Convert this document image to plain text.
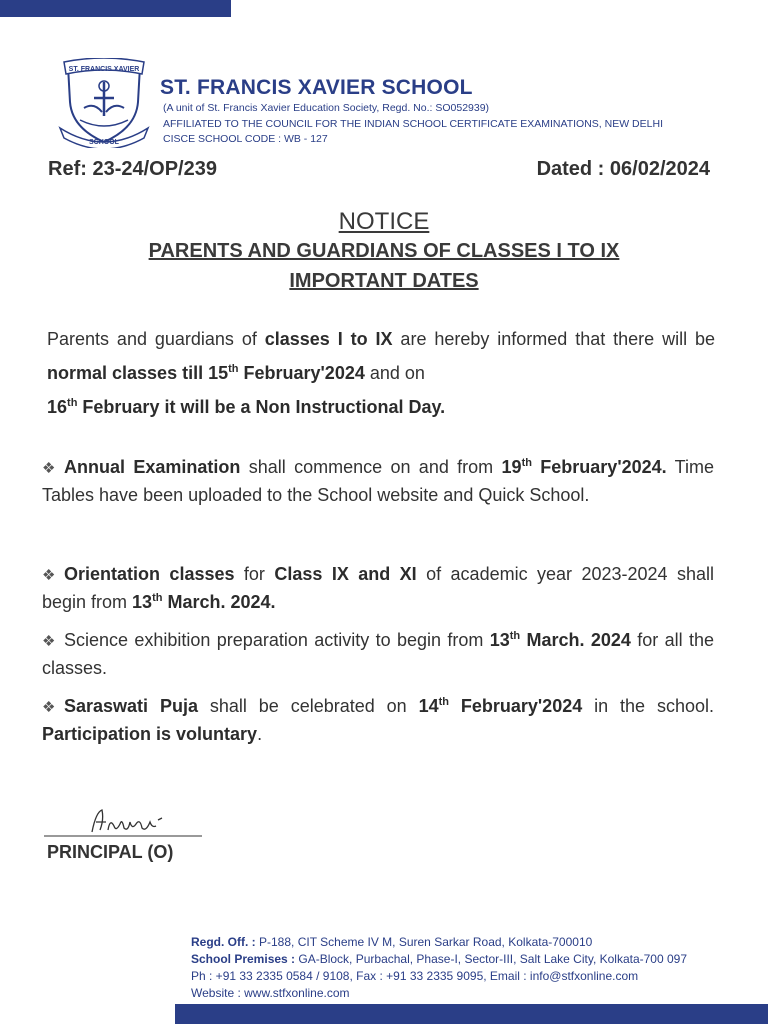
ST. FRANCIS XAVIER
SCHOOL
ST. FRANCIS XAVIER SCHOOL
(A unit of St. Francis Xavier Education Society, Regd. No.: SO052939)
AFFILIATED TO THE COUNCIL FOR THE INDIAN SCHOOL CERTIFICATE EXAMINATIONS, NEW DELHI
CISCE SCHOOL CODE : WB - 127
Ref: 23-24/OP/239	Dated : 06/02/2024
NOTICE
PARENTS AND GUARDIANS OF CLASSES I TO IX
IMPORTANT DATES
Parents and guardians of classes I to IX are hereby informed that there will be normal classes till 15th February'2024 and on
16th February it will be a Non Instructional Day.
❖ Annual Examination shall commence on and from 19th February'2024. Time Tables have been uploaded to the School website and Quick School.
❖ Orientation classes for Class IX and XI of academic year 2023-2024 shall begin from 13th March. 2024.
❖ Science exhibition preparation activity to begin from 13th March. 2024 for all the classes.
❖ Saraswati Puja shall be celebrated on 14th February'2024 in the school. Participation is voluntary.
PRINCIPAL (O)
Regd. Off. : P-188, CIT Scheme IV M, Suren Sarkar Road, Kolkata-700010
School Premises : GA-Block, Purbachal, Phase-I, Sector-III, Salt Lake City, Kolkata-700 097
Ph : +91 33 2335 0584 / 9108, Fax : +91 33 2335 9095, Email : info@stfxonline.com
Website : www.stfxonline.com
